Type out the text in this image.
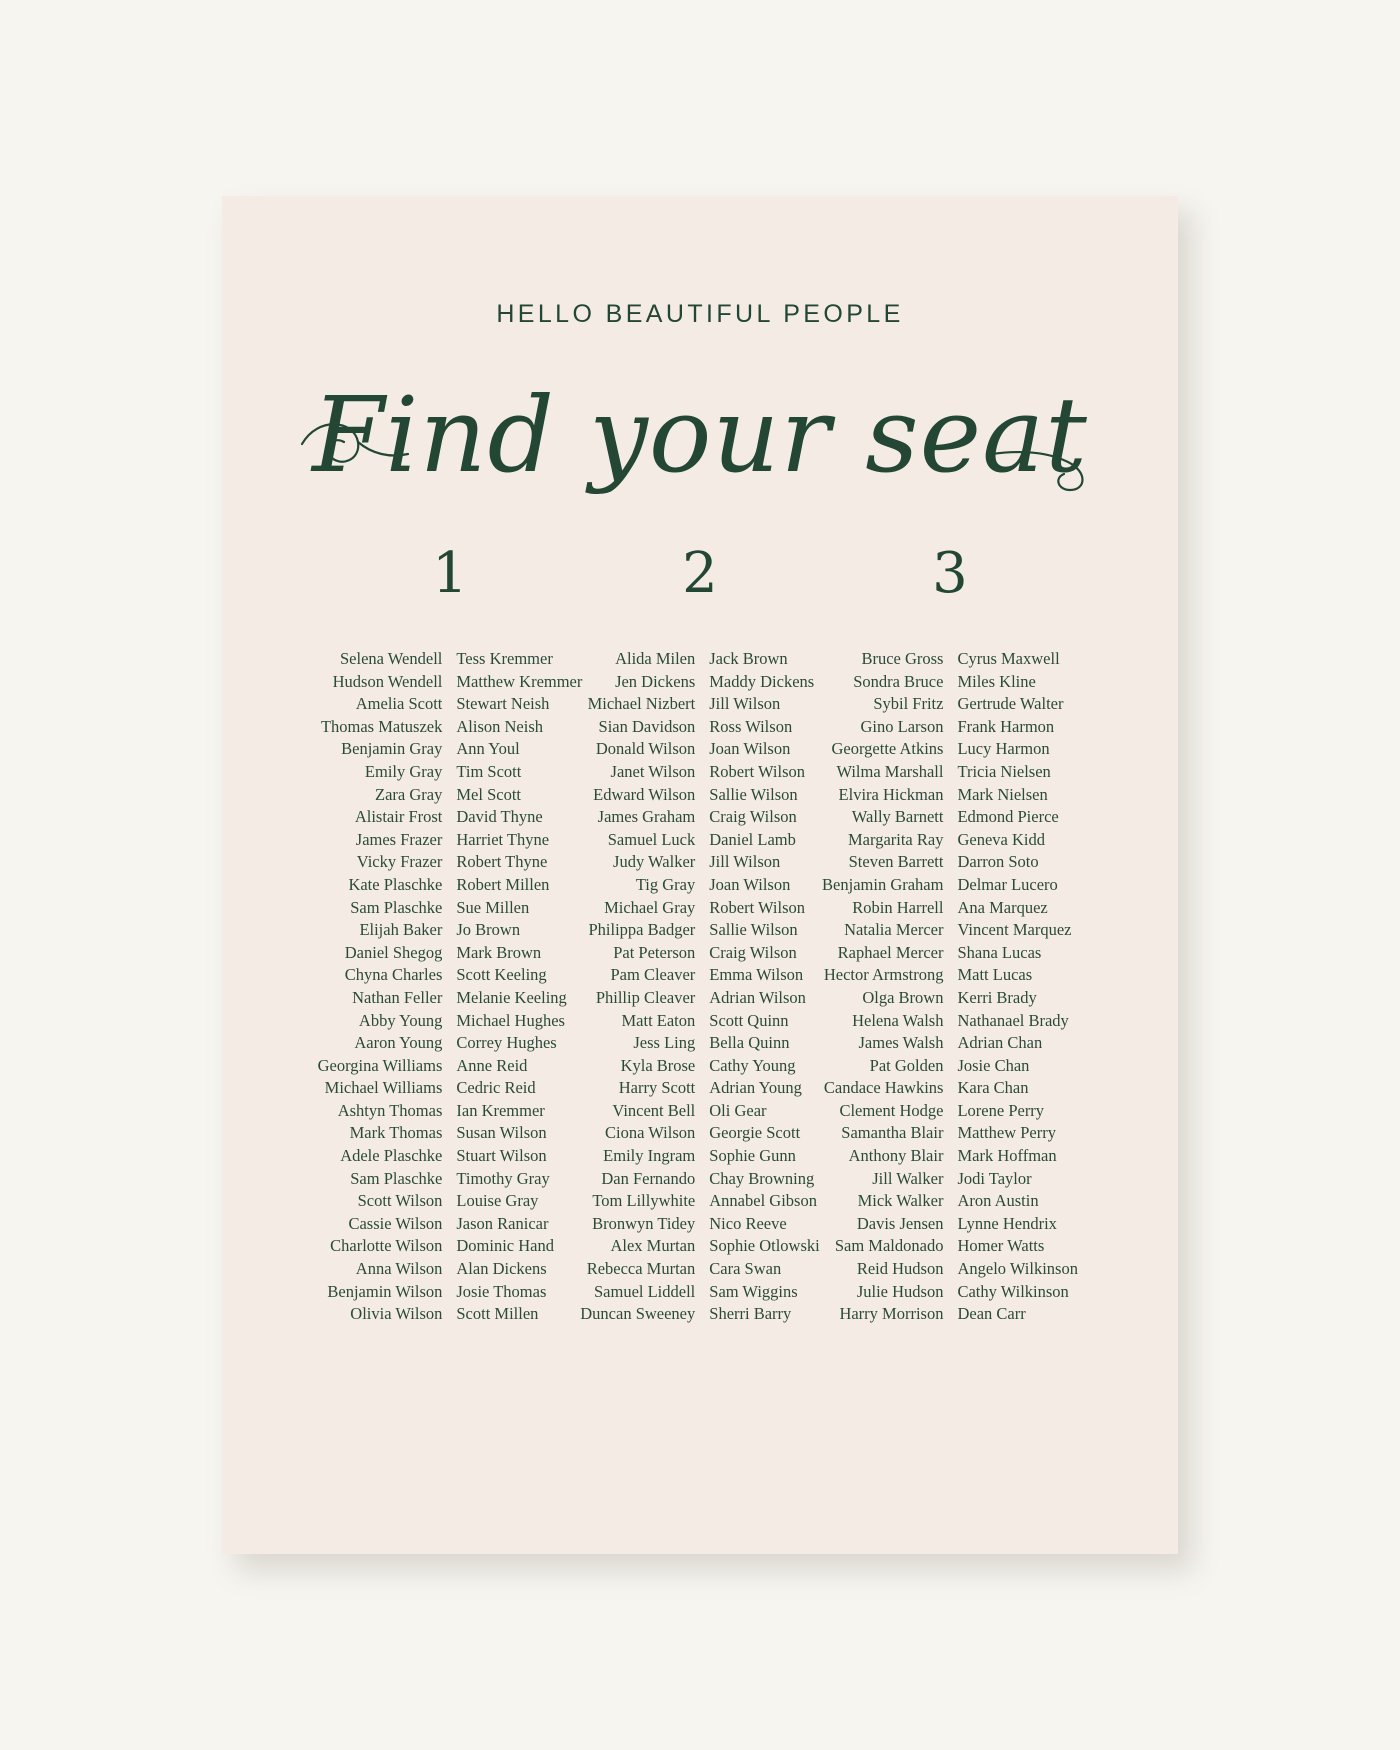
HELLO BEAUTIFUL PEOPLE
Find your seat
1
Selena Wendell
Hudson Wendell
Amelia Scott
Thomas Matuszek
Benjamin Gray
Emily Gray
Zara Gray
Alistair Frost
James Frazer
Vicky Frazer
Kate Plaschke
Sam Plaschke
Elijah Baker
Daniel Shegog
Chyna Charles
Nathan Feller
Abby Young
Aaron Young
Georgina Williams
Michael Williams
Ashtyn Thomas
Mark Thomas
Adele Plaschke
Sam Plaschke
Scott Wilson
Cassie Wilson
Charlotte Wilson
Anna Wilson
Benjamin Wilson
Olivia Wilson
Tess Kremmer
Matthew Kremmer
Stewart Neish
Alison Neish
Ann Youl
Tim Scott
Mel Scott
David Thyne
Harriet Thyne
Robert Thyne
Robert Millen
Sue Millen
Jo Brown
Mark Brown
Scott Keeling
Melanie Keeling
Michael Hughes
Correy Hughes
Anne Reid
Cedric Reid
Ian Kremmer
Susan Wilson
Stuart Wilson
Timothy Gray
Louise Gray
Jason Ranicar
Dominic Hand
Alan Dickens
Josie Thomas
Scott Millen
2
Alida Milen
Jen Dickens
Michael Nizbert
Sian Davidson
Donald Wilson
Janet Wilson
Edward Wilson
James Graham
Samuel Luck
Judy Walker
Tig Gray
Michael Gray
Philippa Badger
Pat Peterson
Pam Cleaver
Phillip Cleaver
Matt Eaton
Jess Ling
Kyla Brose
Harry Scott
Vincent Bell
Ciona Wilson
Emily Ingram
Dan Fernando
Tom Lillywhite
Bronwyn Tidey
Alex Murtan
Rebecca Murtan
Samuel Liddell
Duncan Sweeney
Jack Brown
Maddy Dickens
Jill Wilson
Ross Wilson
Joan Wilson
Robert Wilson
Sallie Wilson
Craig Wilson
Daniel Lamb
Jill Wilson
Joan Wilson
Robert Wilson
Sallie Wilson
Craig Wilson
Emma Wilson
Adrian Wilson
Scott Quinn
Bella Quinn
Cathy Young
Adrian Young
Oli Gear
Georgie Scott
Sophie Gunn
Chay Browning
Annabel Gibson
Nico Reeve
Sophie Otlowski
Cara Swan
Sam Wiggins
Sherri Barry
3
Bruce Gross
Sondra Bruce
Sybil Fritz
Gino Larson
Georgette Atkins
Wilma Marshall
Elvira Hickman
Wally Barnett
Margarita Ray
Steven Barrett
Benjamin Graham
Robin Harrell
Natalia Mercer
Raphael Mercer
Hector Armstrong
Olga Brown
Helena Walsh
James Walsh
Pat Golden
Candace Hawkins
Clement Hodge
Samantha Blair
Anthony Blair
Jill Walker
Mick Walker
Davis Jensen
Sam Maldonado
Reid Hudson
Julie Hudson
Harry Morrison
Cyrus Maxwell
Miles Kline
Gertrude Walter
Frank Harmon
Lucy Harmon
Tricia Nielsen
Mark Nielsen
Edmond Pierce
Geneva Kidd
Darron Soto
Delmar Lucero
Ana Marquez
Vincent Marquez
Shana Lucas
Matt Lucas
Kerri Brady
Nathanael Brady
Adrian Chan
Josie Chan
Kara Chan
Lorene Perry
Matthew Perry
Mark Hoffman
Jodi Taylor
Aron Austin
Lynne Hendrix
Homer Watts
Angelo Wilkinson
Cathy Wilkinson
Dean Carr
